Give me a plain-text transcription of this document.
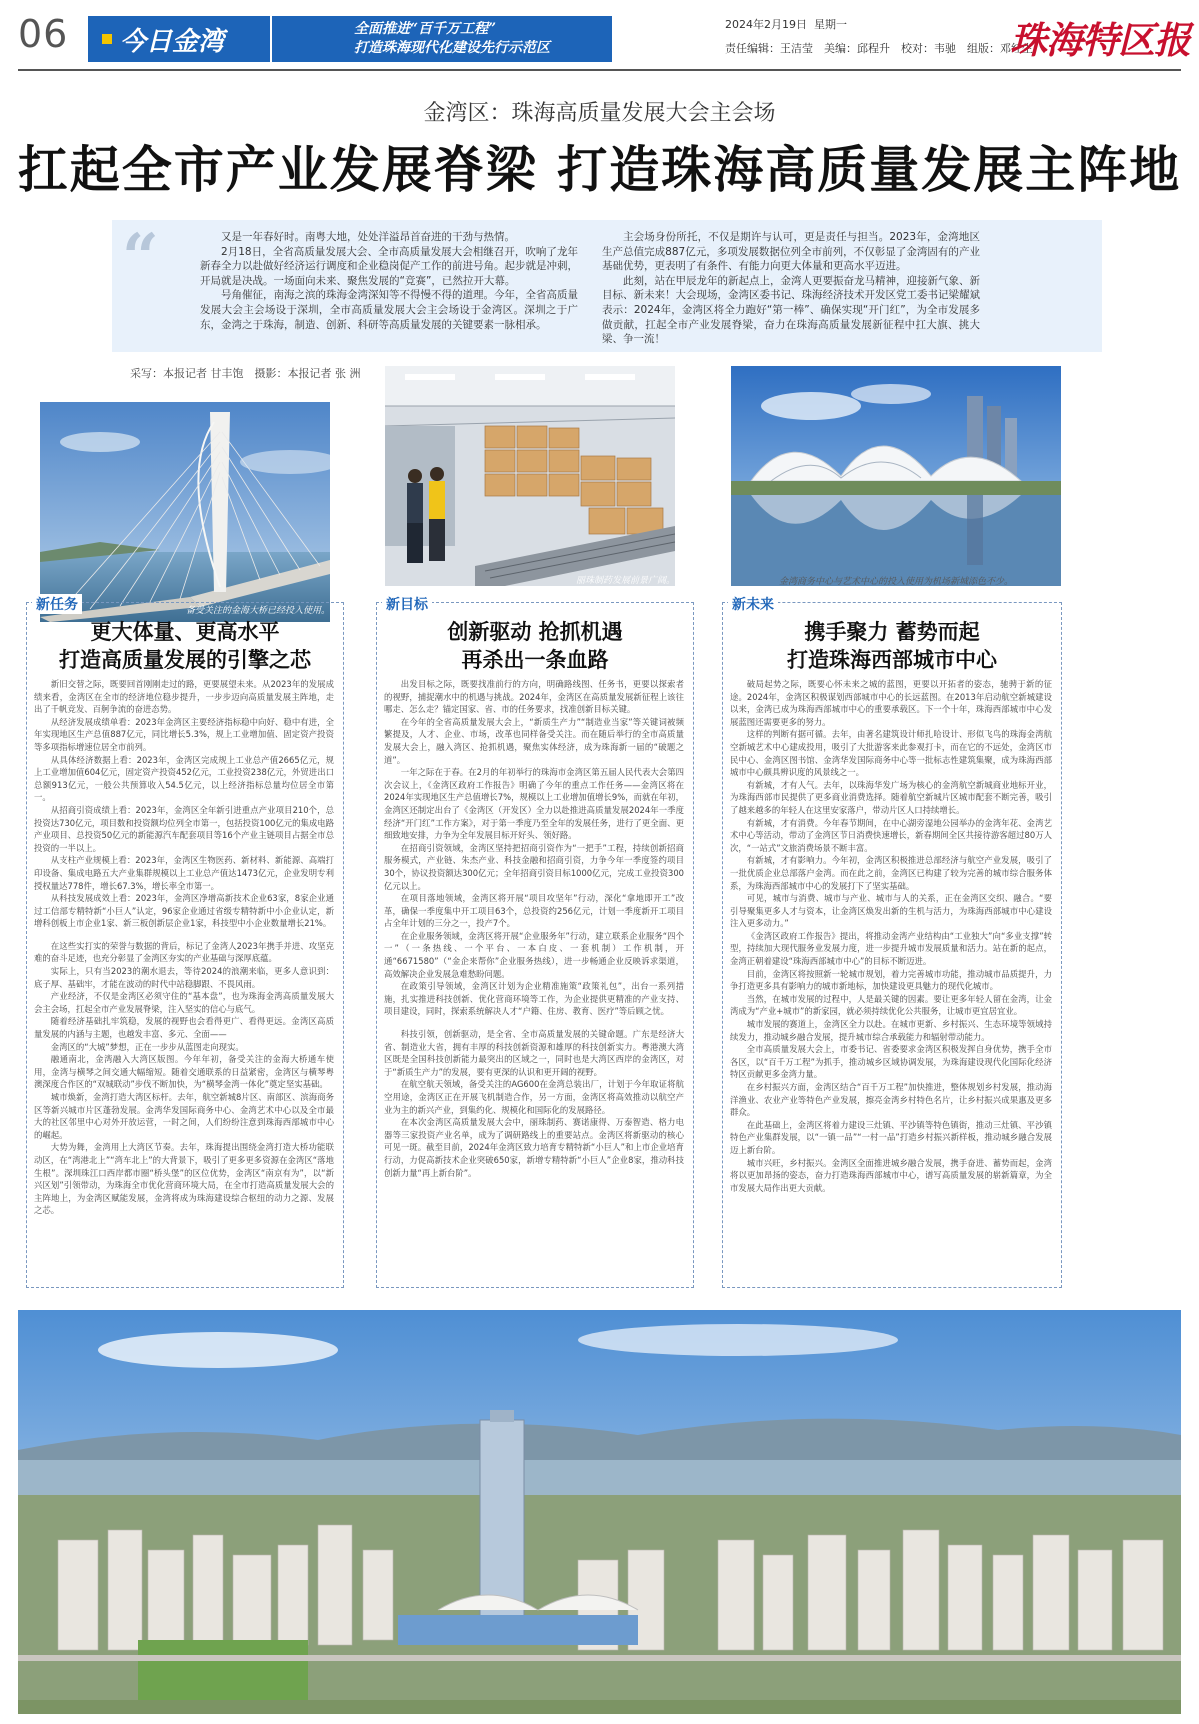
06 今日金湾	全面推进“百千万工程”
打造珠海现代化建设先行示范区
2024年2月19日 星期一
责任编辑：王洁莹　美编：邱程升　校对：韦驰　组版：邓红生
珠海特区报
金湾区：珠海高质量发展大会主会场
扛起全市产业发展脊梁 打造珠海高质量发展主阵地
“	又是一年春好时。南粤大地，处处洋溢昂首奋进的干劲与热情。

2月18日，全省高质量发展大会、全市高质量发展大会相继召开，吹响了龙年新春全力以赴做好经济运行调度和企业稳岗促产工作的前进号角。起步就是冲刺，开局就是决战。一场面向未来、聚焦发展的“竞赛”，已然拉开大幕。

号角催征，南海之滨的珠海金湾深知等不得慢不得的道理。今年，全省高质量发展大会主会场设于深圳，全市高质量发展大会主会场设于金湾区。深圳之于广东，金湾之于珠海，制造、创新、科研等高质量发展的关键要素一脉相承。

主会场身份所托，不仅是期许与认可，更是责任与担当。2023年，金湾地区生产总值完成887亿元，多项发展数据位列全市前列，不仅彰显了金湾固有的产业基础优势，更表明了有条件、有能力向更大体量和更高水平迈进。

此刻，站在甲辰龙年的新起点上，金湾人更要振奋龙马精神，迎接新气象、新目标、新未来！大会现场，金湾区委书记、珠海经济技术开发区党工委书记梁耀斌表示：2024年，金湾区将全力跑好“第一棒”、确保实现“开门红”，为全市发展多做贡献，扛起全市产业发展脊梁，奋力在珠海高质量发展新征程中扛大旗、挑大梁、争一流！

采写：本报记者 甘丰饱　摄影：本报记者 张 洲
备受关注的金海大桥已经投入使用。
丽珠制药发展前景广阔。	金湾商务中心与艺术中心的投入使用为机场新城添色不少。
新任务
更大体量、更高水平
打造高质量发展的引擎之芯

新旧交替之际，既要回首刚刚走过的路，更要展望未来。从2023年的发展成绩来看，金湾区在全市的经济地位稳步提升，一步步迈向高质量发展主阵地，走出了千帆竞发、百舸争流的奋进态势。

从经济发展成绩单看：2023年金湾区主要经济指标稳中向好、稳中有进，全年实现地区生产总值887亿元，同比增长5.3%，规上工业增加值、固定资产投资等多项指标增速位居全市前列。

从具体经济数据上看：2023年，金湾区完成规上工业总产值2665亿元，规上工业增加值604亿元，固定资产投资452亿元，工业投资238亿元，外贸进出口总额913亿元，一般公共预算收入54.5亿元，以上经济指标总量均位居全市第一。

从招商引资成绩上看：2023年，金湾区全年新引进重点产业项目210个，总投资达730亿元，项目数和投资额均位列全市第一，包括投资100亿元的集成电路产业项目、总投资50亿元的新能源汽车配套项目等16个产业主链项目占据全市总投资的一半以上。

从支柱产业规模上看：2023年，金湾区生物医药、新材料、新能源、高端打印设备、集成电路五大产业集群规模以上工业总产值达1473亿元，企业发明专利授权量达778件，增长67.3%，增长率全市第一。

从科技发展成效上看：2023年，金湾区净增高新技术企业63家，8家企业通过工信部专精特新“小巨人”认定，96家企业通过省级专精特新中小企业认定，新增科创板上市企业1家、新三板创新层企业1家，科技型中小企业数量增长21%。

在这些实打实的荣誉与数据的背后，标记了金湾人2023年携手并进、攻坚克难的奋斗足迹，也充分彰显了金湾区夯实的产业基础与深厚底蕴。

实际上，只有当2023的潮水退去，等待2024的浪潮来临，更多人意识到：底子厚、基础牢，才能在波动的时代中站稳脚跟、不畏风雨。

产业经济，不仅是金湾区必须守住的“基本盘”，也为珠海金湾高质量发展大会主会场，扛起全市产业发展脊梁，注入坚实的信心与底气。

随着经济基础扎牢筑稳，发展的视野也会看得更广、看得更远。金湾区高质量发展的内涵与主题，也越发丰富、多元、全面——

金湾区的“大城”梦想，正在一步步从蓝图走向现实。

融通南北，金湾融入大湾区版图。今年年初，备受关注的金海大桥通车使用，金湾与横琴之间交通大幅缩短。随着交通联系的日益紧密，金湾区与横琴粤澳深度合作区的“双城联动”步伐不断加快，为“横琴金湾一体化”奠定坚实基础。

城市焕新，金湾打造大湾区标杆。去年，航空新城8片区、南部区、滨海商务区等新兴城市片区蓬勃发展。金湾华发国际商务中心、金湾艺术中心以及全市最大的社区邻里中心对外开放运营，一时之间，人们纷纷注意到珠海西部城市中心的崛起。

大势为舞，金湾用上大湾区节奏。去年，珠海提出围绕金湾打造大桥功能联动区，在“湾港北上”“湾车北上”的大背景下，吸引了更多更多资源在金湾区“落地生根”。深圳珠江口西岸都市圈“桥头堡”的区位优势，金湾区“南京有为”，以“新兴区划”引领带动，为珠海全市优化营商环境大局，在全市打造高质量发展大会的主阵地上，为金湾区赋能发展，金湾将成为珠海建设综合枢纽的动力之源、发展之芯。

新目标
创新驱动 抢抓机遇
再杀出一条血路

出发目标之际，既要找准前行的方向，明确路线图、任务书，更要以探索者的视野，捕捉潮水中的机遇与挑战。2024年，金湾区在高质量发展新征程上该往哪走、怎么走？锚定国家、省、市的任务要求，找准创新目标关键。

在今年的全省高质量发展大会上，“新质生产力”“制造业当家”等关键词被频繁提及，人才、企业、市场，改革也同样备受关注。而在随后举行的全市高质量发展大会上，融入湾区、抢抓机遇，聚焦实体经济，成为珠海新一届的“破题之道”。

一年之际在于春。在2月的年初举行的珠海市金湾区第五届人民代表大会第四次会议上，《金湾区政府工作报告》明确了今年的重点工作任务——金湾区将在2024年实现地区生产总值增长7%，规模以上工业增加值增长9%，而就在年初，金湾区还制定出台了《金湾区（开发区）全力以赴推进高质量发展2024年一季度经济“开门红”工作方案》，对于第一季度乃至全年的发展任务，进行了更全面、更细致地安排，力争为全年发展目标开好头、领好路。

在招商引资领域，金湾区坚持把招商引资作为“一把手”工程，持续创新招商服务模式，产业链、朱杰产业、科技金融和招商引资，力争今年一季度签约项目30个，协议投资额达300亿元；全年招商引资目标1000亿元，完成工业投资300亿元以上。

在项目落地领域，金湾区将开展“项目攻坚年”行动，深化“拿地即开工”改革，确保一季度集中开工项目63个，总投资约256亿元，计划一季度新开工项目占全年计划的三分之一，投产7个。

在企业服务领域，金湾区将开展“企业服务年”行动，建立联系企业服务“四个一”（一条热线、一个平台、一本白皮、一套机制）工作机制，开通“6671580”（“金企来帮你”企业服务热线），进一步畅通企业反映诉求渠道，高效解决企业发展急难愁盼问题。

在政策引导领域，金湾区计划为企业精准施策“政策礼包”，出台一系列措施，扎实推进科技创新、优化营商环境等工作，为企业提供更精准的产业支持、项目建设，同时，探索系统解决人才“户籍、住房、教育、医疗”等后顾之忧。

科技引领，创新驱动，是全省、全市高质量发展的关键命题。广东是经济大省、制造业大省，拥有丰厚的科技创新资源和雄厚的科技创新实力。粤港澳大湾区既是全国科技创新能力最突出的区域之一，同时也是大湾区西岸的金湾区，对于“新质生产力”的发展，要有更深的认识和更开阔的视野。

在航空航天领域，备受关注的AG600在金湾总装出厂，计划于今年取证将航空用途，金湾区正在开展飞机制造合作，另一方面，金湾区将高效推动以航空产业为主的新兴产业，到集约化、规模化和国际化的发展路径。

在本次金湾区高质量发展大会中，丽珠制药、赛诺康得、万泰智造、格力电器等三家投资产业名单，成为了调研路线上的重要站点。金湾区将新驱动的核心可见一斑。截至目前，2024年金湾区致力培育专精特新“小巨人”和上市企业培育行动，力促高新技术企业突破650家，新增专精特新“小巨人”企业8家，推动科技创新力量“再上新台阶”。

新未来
携手聚力 蓄势而起
打造珠海西部城市中心

破局起势之际，既要心怀未来之城的蓝图，更要以开拓者的姿态，驰骋于新的征途。2024年，金湾区积极谋划西部城市中心的长远蓝图。在2013年启动航空新城建设以来，金湾已成为珠海西部城市中心的重要承载区。下一个十年，珠海西部城市中心发展蓝图还需要更多的努力。

这样的判断有据可循。去年，由著名建筑设计师扎哈设计、形似飞鸟的珠海金湾航空新城艺术中心建成投用，吸引了大批游客来此参观打卡，而在它的不远处，金湾区市民中心、金湾区图书馆、金湾华发国际商务中心等一批标志性建筑集聚，成为珠海西部城市中心颇具辨识度的风景线之一。

有新城，才有人气。去年，以珠海华发广场为核心的金湾航空新城商业地标开业，为珠海西部市民提供了更多商业消费选择。随着航空新城片区城市配套不断完善，吸引了越来越多的年轻人在这里安家落户，带动片区人口持续增长。

有新城，才有消费。今年春节期间，在中心湖旁湿地公园举办的金湾年花、金湾艺术中心等活动，带动了金湾区节日消费快速增长，新春期间全区共接待游客超过80万人次，“一站式”文旅消费场景不断丰富。

有新城，才有影响力。今年初，金湾区积极推进总部经济与航空产业发展，吸引了一批优质企业总部落户金湾。而在此之前，金湾区已构建了较为完善的城市综合服务体系，为珠海西部城市中心的发展打下了坚实基础。

可见，城市与消费、城市与产业、城市与人的关系，正在金湾区交织、融合。“要引导聚集更多人才与资本，让金湾区焕发出新的生机与活力，为珠海西部城市中心建设注入更多动力。”

《金湾区政府工作报告》提出，将推动金湾产业结构由“工业独大”向“多业支撑”转型，持续加大现代服务业发展力度，进一步提升城市发展质量和活力。站在新的起点，金湾正朝着建设“珠海西部城市中心”的目标不断迈进。

目前，金湾区将按照新一轮城市规划，着力完善城市功能，推动城市品质提升，力争打造更多具有影响力的城市新地标，加快建设更具魅力的现代化城市。

当然，在城市发展的过程中，人是最关键的因素。要让更多年轻人留在金湾，让金湾成为“产业+城市”的新家园，就必须持续优化公共服务，让城市更宜居宜业。

城市发展的赛道上，金湾区全力以赴。在城市更新、乡村振兴、生态环境等领域持续发力，推动城乡融合发展，提升城市综合承载能力和辐射带动能力。

全市高质量发展大会上，市委书记、省委要求金湾区积极发挥自身优势，携手全市各区，以“百千万工程”为抓手，推动城乡区域协调发展，为珠海建设现代化国际化经济特区贡献更多金湾力量。

在乡村振兴方面，金湾区结合“百千万工程”加快推进，整体规划乡村发展，推动海洋渔业、农业产业等特色产业发展，擦亮金湾乡村特色名片，让乡村振兴成果惠及更多群众。

在此基础上，金湾区将着力建设三灶镇、平沙镇等特色镇街，推动三灶镇、平沙镇特色产业集群发展，以“一镇一品”“一村一品”打造乡村振兴新样板，推动城乡融合发展迈上新台阶。

城市兴旺，乡村振兴。金湾区全面推进城乡融合发展，携手奋进、蓄势而起，金湾将以更加昂扬的姿态，奋力打造珠海西部城市中心，谱写高质量发展的崭新篇章，为全市发展大局作出更大贡献。
